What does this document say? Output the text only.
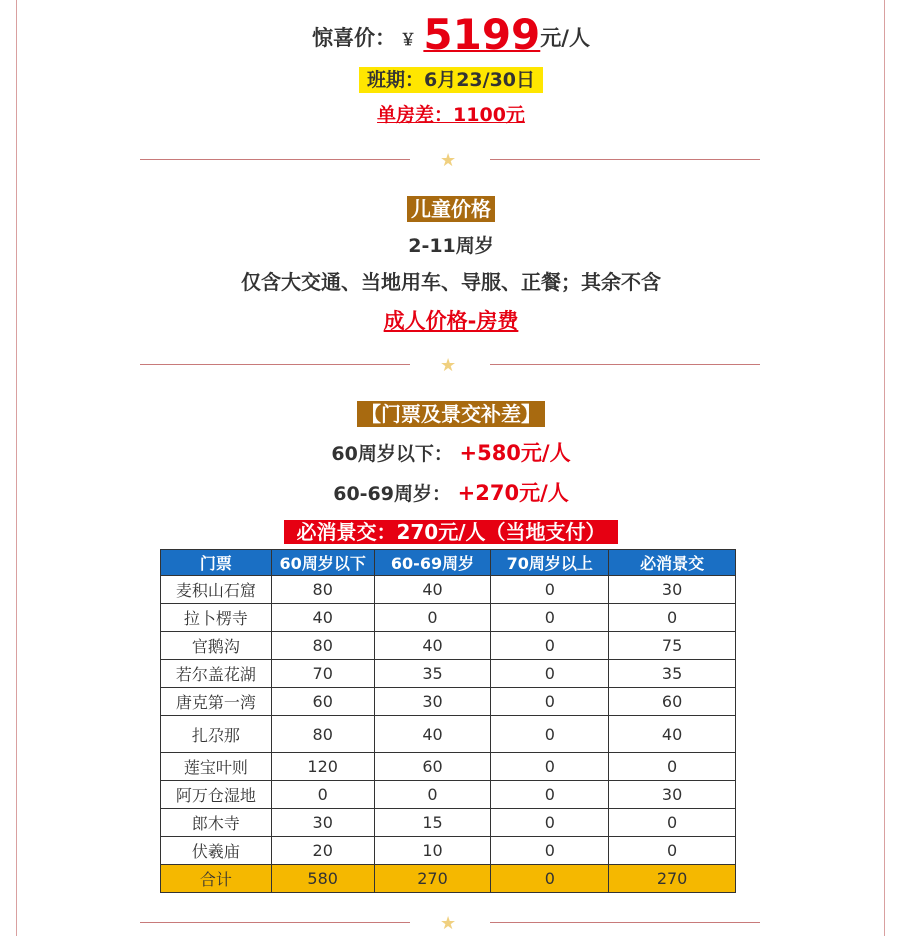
惊喜价： ￥ 5199元/人
班期：6月23/30日
单房差：1100元
★
儿童价格
2-11周岁
仅含大交通、当地用车、导服、正餐；其余不含
成人价格-房费
★
【门票及景交补差】
60周岁以下： +580元/人
60-69周岁： +270元/人
必消景交：270元/人（当地支付）
门票	60周岁以下	60-69周岁	70周岁以上	必消景交
麦积山石窟	80	40	0	30
拉卜楞寺	40	0	0	0
官鹅沟	80	40	0	75
若尔盖花湖	70	35	0	35
唐克第一湾	60	30	0	60
扎尕那	80	40	0	40
莲宝叶则	120	60	0	0
阿万仓湿地	0	0	0	30
郎木寺	30	15	0	0
伏羲庙	20	10	0	0
合计	580	270	0	270
★
